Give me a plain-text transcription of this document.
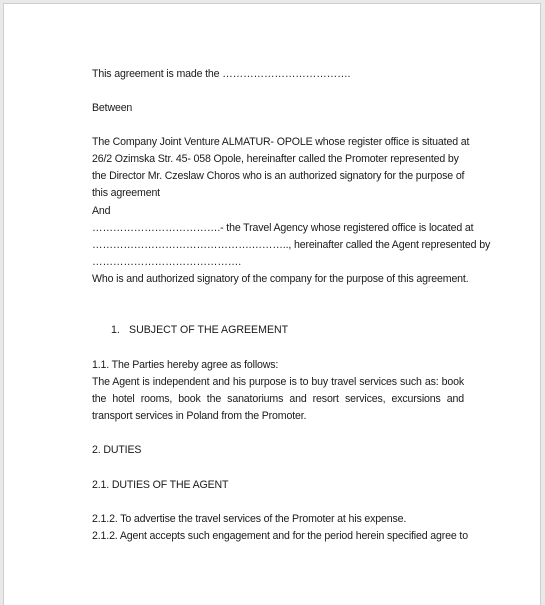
This agreement is made the ……………………………….
Between
The Company Joint Venture ALMATUR- OPOLE whose register office is situated at
26/2 Ozimska Str. 45- 058 Opole, hereinafter called the Promoter represented by
the Director Mr. Czeslaw Choros who is an authorized signatory for the purpose of
this agreement
And
……………………………….- the Travel Agency whose registered office is located at
……………………………………….……….., hereinafter called the Agent represented by
…………………………………….
Who is and authorized signatory of the company for the purpose of this agreement.
1. SUBJECT OF THE AGREEMENT
1.1. The Parties hereby agree as follows:
The Agent is independent and his purpose is to buy travel services such as: book
the hotel rooms, book the sanatoriums and resort services, excursions and
transport services in Poland from the Promoter.
2. DUTIES
2.1. DUTIES OF THE AGENT
2.1.2. To advertise the travel services of the Promoter at his expense.
2.1.2. Agent accepts such engagement and for the period herein specified agree to
